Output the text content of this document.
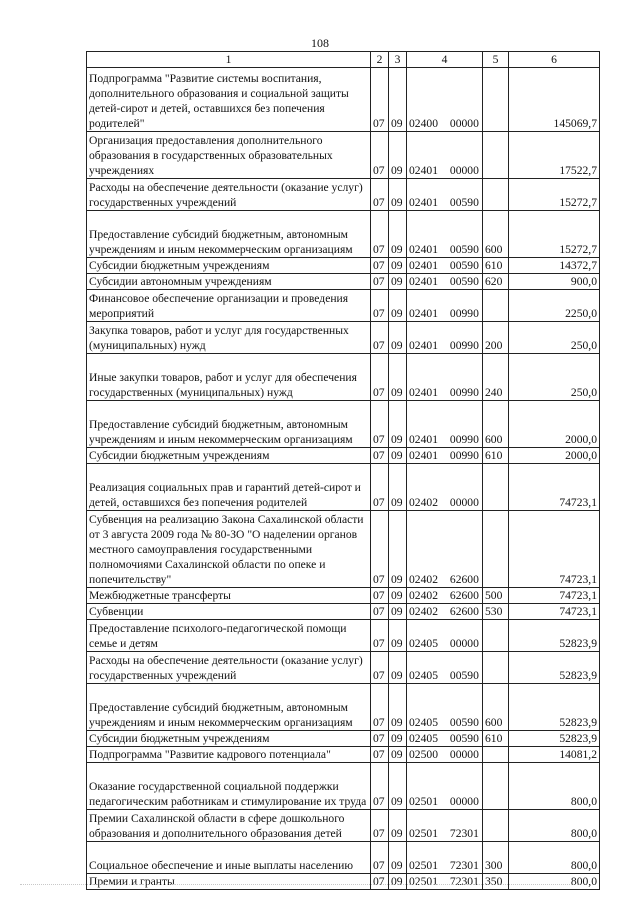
108
1	2	3	4	5	6

Подпрограмма "Развитие системы воспитания, дополнительного образования и социальной защиты детей-сирот и детей, оставшихся без попечения родителей"	07	09	02400 00000		145069,7

Организация предоставления дополнительного образования в государственных образовательных учреждениях	07	09	02401 00000		17522,7

Расходы на обеспечение деятельности (оказание услуг) государственных учреждений	07	09	02401 00590		15272,7

Предоставление субсидий бюджетным, автономным учреждениям и иным некоммерческим организациям	07	09	02401 00590	600	15272,7

Субсидии бюджетным учреждениям	07	09	02401 00590	610	14372,7

Субсидии автономным учреждениям	07	09	02401 00590	620	900,0

Финансовое обеспечение организации и проведения мероприятий	07	09	02401 00990		2250,0

Закупка товаров, работ и услуг для государственных (муниципальных) нужд	07	09	02401 00990	200	250,0

Иные закупки товаров, работ и услуг для обеспечения государственных (муниципальных) нужд	07	09	02401 00990	240	250,0

Предоставление субсидий бюджетным, автономным учреждениям и иным некоммерческим организациям	07	09	02401 00990	600	2000,0

Субсидии бюджетным учреждениям	07	09	02401 00990	610	2000,0

Реализация социальных прав и гарантий детей-сирот и детей, оставшихся без попечения родителей	07	09	02402 00000		74723,1

Субвенция на реализацию Закона Сахалинской области от 3 августа 2009 года № 80-ЗО "О наделении органов местного самоуправления государственными полномочиями Сахалинской области по опеке и попечительству"	07	09	02402 62600		74723,1

Межбюджетные трансферты	07	09	02402 62600	500	74723,1

Субвенции	07	09	02402 62600	530	74723,1

Предоставление психолого-педагогической помощи семье и детям	07	09	02405 00000		52823,9

Расходы на обеспечение деятельности (оказание услуг) государственных учреждений	07	09	02405 00590		52823,9

Предоставление субсидий бюджетным, автономным учреждениям и иным некоммерческим организациям	07	09	02405 00590	600	52823,9

Субсидии бюджетным учреждениям	07	09	02405 00590	610	52823,9

Подпрограмма "Развитие кадрового потенциала"	07	09	02500 00000		14081,2

Оказание государственной социальной поддержки педагогическим работникам и стимулирование их труда	07	09	02501 00000		800,0

Премии Сахалинской области в сфере дошкольного образования и дополнительного образования детей	07	09	02501 72301		800,0

Социальное обеспечение и иные выплаты населению	07	09	02501 72301	300	800,0

Премии и гранты	07	09	02501 72301	350	800,0
